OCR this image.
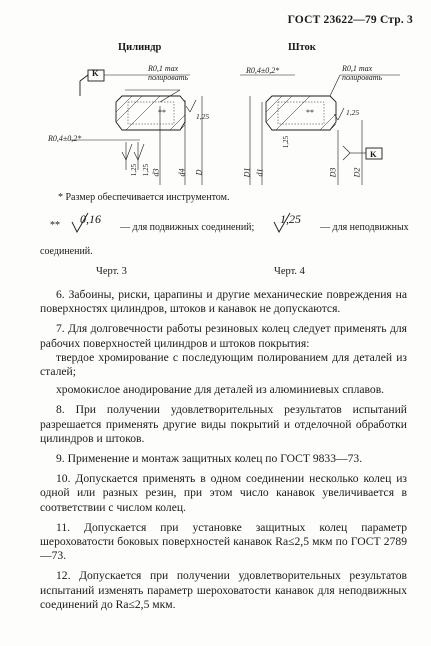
ГОСТ 23622—79 Стр. 3
Цилиндр	Шток
K	R0,1 max
полировать
R0,4±0,2*
1,25
**
1,25 1,25 d3 d4 D
R0,4±0,2*	R0,1 max
полировать
1,25
**
K
D1 d1	D3 D2
1,25
* Размер обеспечивается инструментом.
** 0,16
— для подвижных соединений;
1,25
— для неподвижных
соединений.
Черт. 3	Черт. 4

6. Забоины, риски, царапины и другие механические повреждения на поверхностях цилиндров, штоков и канавок не допускаются.

7. Для долговечности работы резиновых колец следует применять для рабочих поверхностей цилиндров и штоков покрытия:

твердое хромирование с последующим полированием для деталей из сталей;

хромокислое анодирование для деталей из алюминиевых сплавов.

8. При получении удовлетворительных результатов испытаний разрешается применять другие виды покрытий и отделочной обработки цилиндров и штоков.

9. Применение и монтаж защитных колец по ГОСТ 9833—73.

10. Допускается применять в одном соединении несколько колец из одной или разных резин, при этом число канавок увеличивается в соответствии с числом колец.

11. Допускается при установке защитных колец параметр шероховатости боковых поверхностей канавок Ra≤2,5 мкм по ГОСТ 2789—73.

12. Допускается при получении удовлетворительных результатов испытаний изменять параметр шероховатости канавок для неподвижных соединений до Ra≤2,5 мкм.
